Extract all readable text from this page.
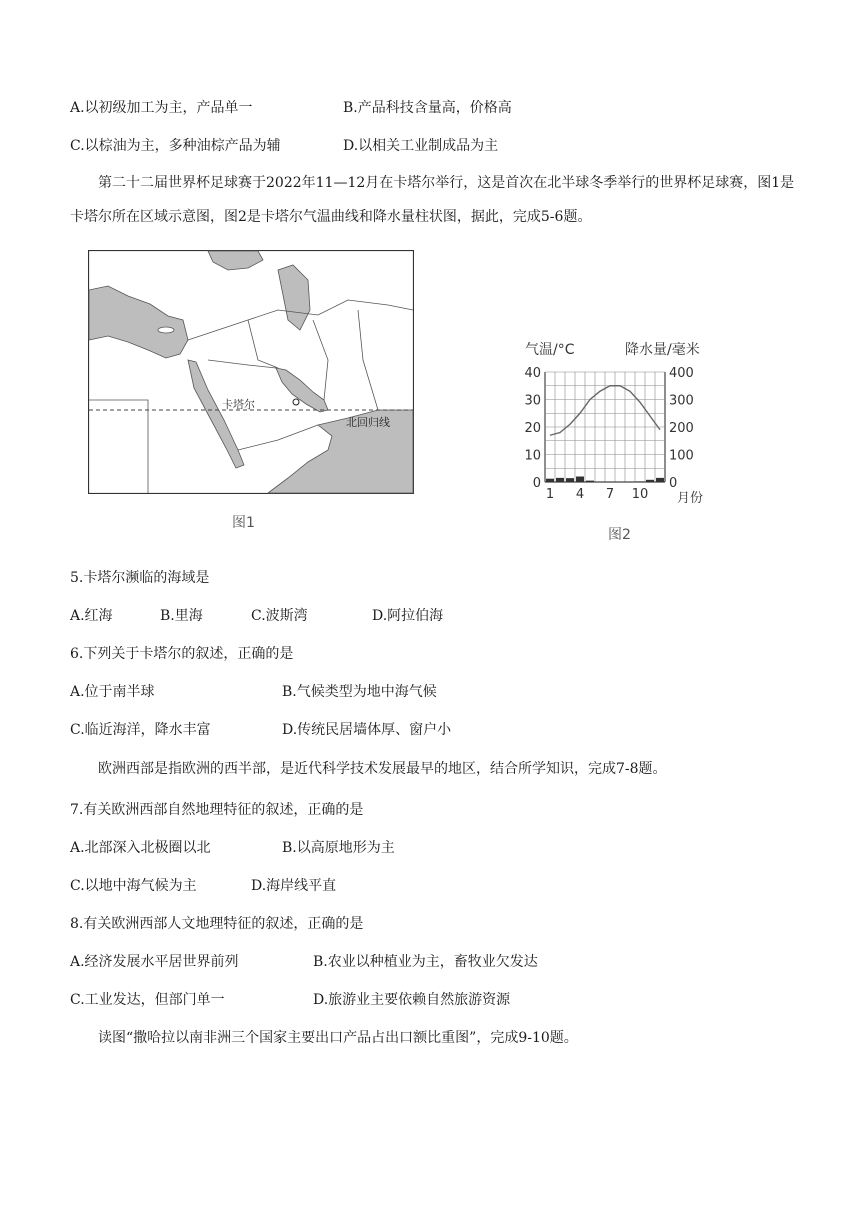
A.以初级加工为主，产品单一	B.产品科技含量高，价格高
C.以棕油为主，多种油棕产品为辅	D.以相关工业制成品为主
第二十二届世界杯足球赛于2022年11—12月在卡塔尔举行，这是首次在北半球冬季举行的世界杯足球赛，图1是卡塔尔所在区域示意图，图2是卡塔尔气温曲线和降水量柱状图，据此，完成5-6题。
卡塔尔
北回归线
图1
气温/°C	降水量/毫米
40
30
20
10
0
400
300
200
100
0
1 4 7 10 月份
图2
5.卡塔尔濒临的海域是
A.红海	B.里海	C.波斯湾	D.阿拉伯海
6.下列关于卡塔尔的叙述，正确的是
A.位于南半球	B.气候类型为地中海气候
C.临近海洋，降水丰富	D.传统民居墙体厚、窗户小
欧洲西部是指欧洲的西半部，是近代科学技术发展最早的地区，结合所学知识，完成7-8题。
7.有关欧洲西部自然地理特征的叙述，正确的是
A.北部深入北极圈以北	B.以高原地形为主
C.以地中海气候为主	D.海岸线平直
8.有关欧洲西部人文地理特征的叙述，正确的是
A.经济发展水平居世界前列	B.农业以种植业为主，畜牧业欠发达
C.工业发达，但部门单一	D.旅游业主要依赖自然旅游资源
读图“撒哈拉以南非洲三个国家主要出口产品占出口额比重图”，完成9-10题。
